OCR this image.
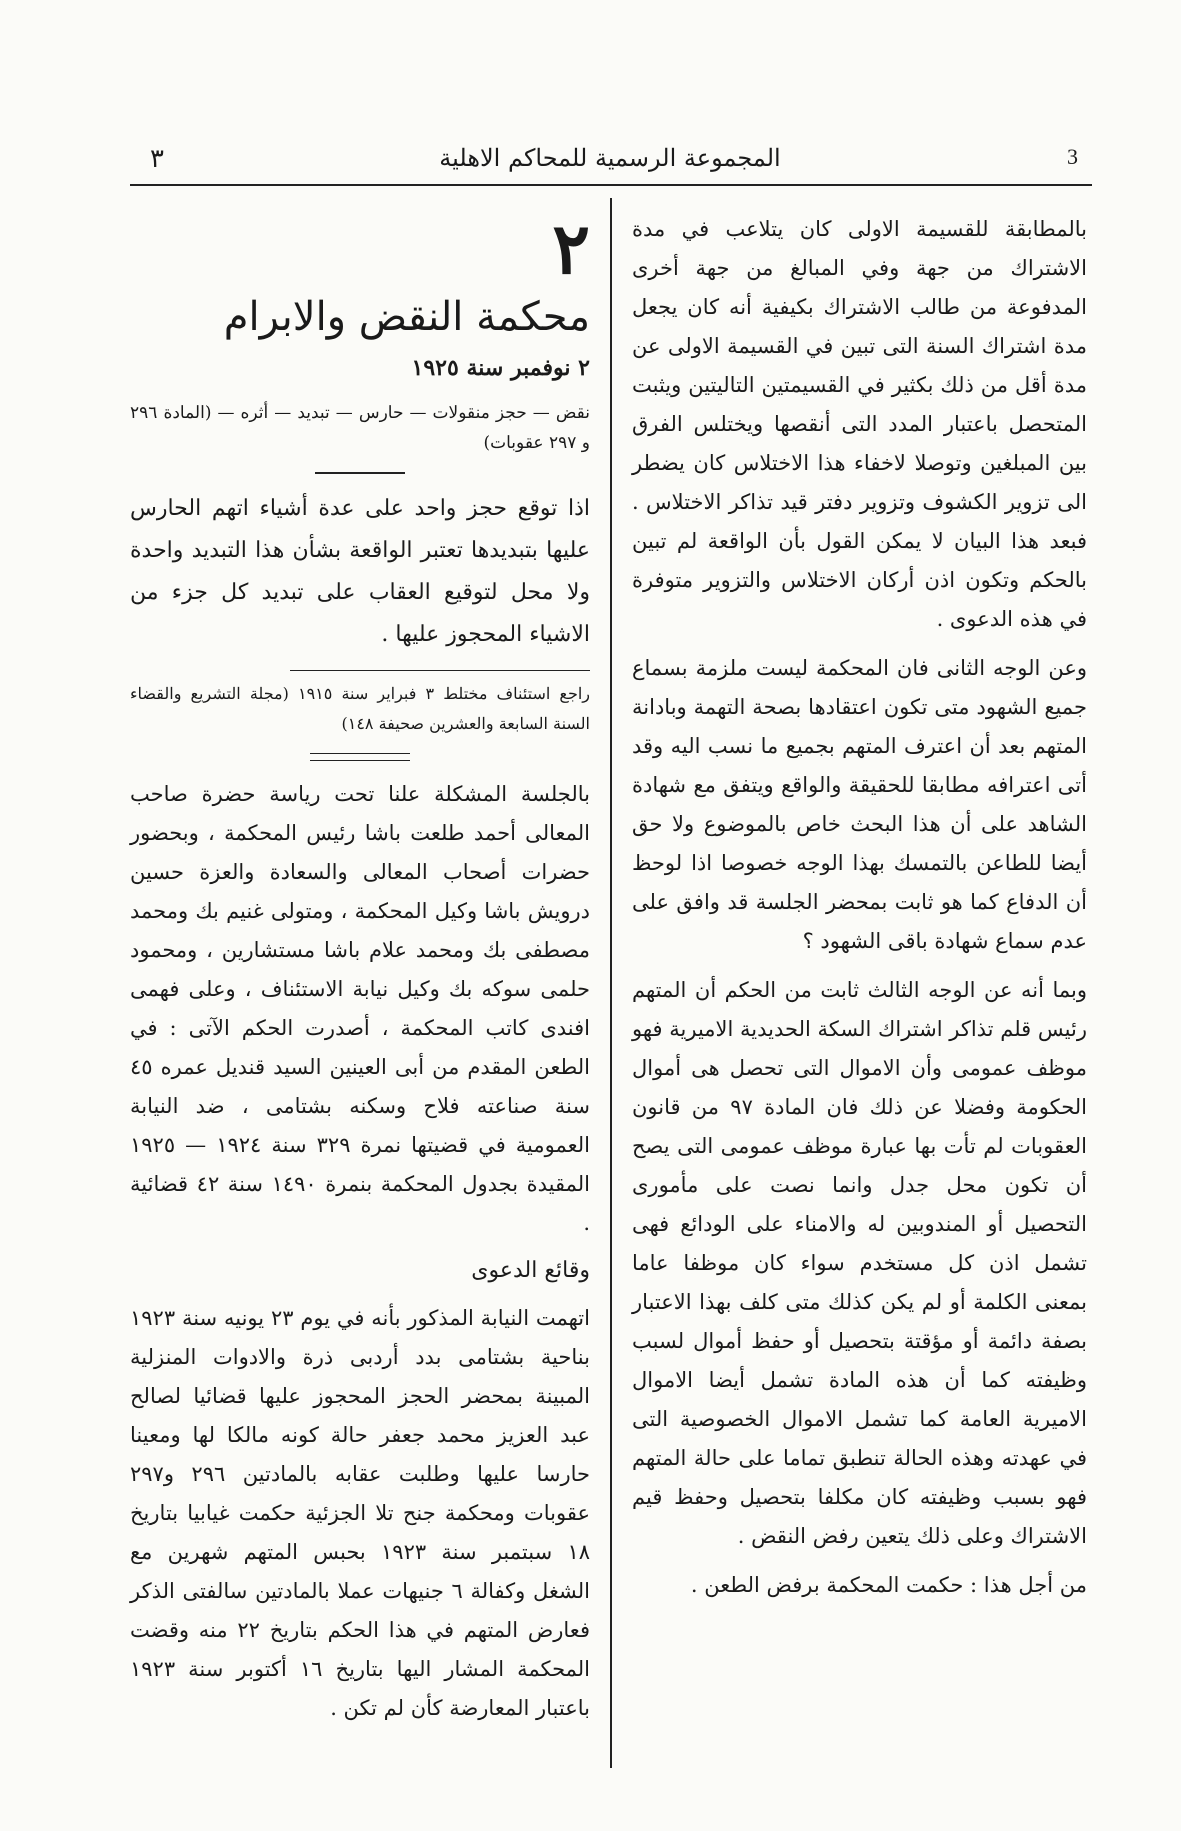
٣	المجموعة الرسمية للمحاكم الاهلية	3

٢

محكمة النقض والابرام

٢ نوفمبر سنة ١٩٢٥

نقض — حجز منقولات — حارس — تبديد — أثره — (المادة ٢٩٦ و ٢٩٧ عقوبات)

اذا توقع حجز واحد على عدة أشياء اتهم الحارس عليها بتبديدها تعتبر الواقعة بشأن هذا التبديد واحدة ولا محل لتوقيع العقاب على تبديد كل جزء من الاشياء المحجوز عليها .

راجع استئناف مختلط ٣ فبراير سنة ١٩١٥ (مجلة التشريع والقضاء السنة السابعة والعشرين صحيفة ١٤٨)

بالجلسة المشكلة علنا تحت رياسة حضرة صاحب المعالى أحمد طلعت باشا رئيس المحكمة ، وبحضور حضرات أصحاب المعالى والسعادة والعزة حسين درويش باشا وكيل المحكمة ، ومتولى غنيم بك ومحمد مصطفى بك ومحمد علام باشا مستشارين ، ومحمود حلمى سوكه بك وكيل نيابة الاستئناف ، وعلى فهمى افندى كاتب المحكمة ، أصدرت الحكم الآتى : في الطعن المقدم من أبى العينين السيد قنديل عمره ٤٥ سنة صناعته فلاح وسكنه بشتامى ، ضد النيابة العمومية في قضيتها نمرة ٣٢٩ سنة ١٩٢٤ — ١٩٢٥ المقيدة بجدول المحكمة بنمرة ١٤٩٠ سنة ٤٢ قضائية .

وقائع الدعوى

اتهمت النيابة المذكور بأنه في يوم ٢٣ يونيه سنة ١٩٢٣ بناحية بشتامى بدد أردبى ذرة والادوات المنزلية المبينة بمحضر الحجز المحجوز عليها قضائيا لصالح عبد العزيز محمد جعفر حالة كونه مالكا لها ومعينا حارسا عليها وطلبت عقابه بالمادتين ٢٩٦ و٢٩٧ عقوبات ومحكمة جنح تلا الجزئية حكمت غيابيا بتاريخ ١٨ سبتمبر سنة ١٩٢٣ بحبس المتهم شهرين مع الشغل وكفالة ٦ جنيهات عملا بالمادتين سالفتى الذكر فعارض المتهم في هذا الحكم بتاريخ ٢٢ منه وقضت المحكمة المشار اليها بتاريخ ١٦ أكتوبر سنة ١٩٢٣ باعتبار المعارضة كأن لم تكن .

بالمطابقة للقسيمة الاولى كان يتلاعب في مدة الاشتراك من جهة وفي المبالغ من جهة أخرى المدفوعة من طالب الاشتراك بكيفية أنه كان يجعل مدة اشتراك السنة التى تبين في القسيمة الاولى عن مدة أقل من ذلك بكثير في القسيمتين التاليتين ويثبت المتحصل باعتبار المدد التى أنقصها ويختلس الفرق بين المبلغين وتوصلا لاخفاء هذا الاختلاس كان يضطر الى تزوير الكشوف وتزوير دفتر قيد تذاكر الاختلاس . فبعد هذا البيان لا يمكن القول بأن الواقعة لم تبين بالحكم وتكون اذن أركان الاختلاس والتزوير متوفرة في هذه الدعوى .

وعن الوجه الثانى فان المحكمة ليست ملزمة بسماع جميع الشهود متى تكون اعتقادها بصحة التهمة وبادانة المتهم بعد أن اعترف المتهم بجميع ما نسب اليه وقد أتى اعترافه مطابقا للحقيقة والواقع ويتفق مع شهادة الشاهد على أن هذا البحث خاص بالموضوع ولا حق أيضا للطاعن بالتمسك بهذا الوجه خصوصا اذا لوحظ أن الدفاع كما هو ثابت بمحضر الجلسة قد وافق على عدم سماع شهادة باقى الشهود ؟

وبما أنه عن الوجه الثالث ثابت من الحكم أن المتهم رئيس قلم تذاكر اشتراك السكة الحديدية الاميرية فهو موظف عمومى وأن الاموال التى تحصل هى أموال الحكومة وفضلا عن ذلك فان المادة ٩٧ من قانون العقوبات لم تأت بها عبارة موظف عمومى التى يصح أن تكون محل جدل وانما نصت على مأمورى التحصيل أو المندوبين له والامناء على الودائع فهى تشمل اذن كل مستخدم سواء كان موظفا عاما بمعنى الكلمة أو لم يكن كذلك متى كلف بهذا الاعتبار بصفة دائمة أو مؤقتة بتحصيل أو حفظ أموال لسبب وظيفته كما أن هذه المادة تشمل أيضا الاموال الاميرية العامة كما تشمل الاموال الخصوصية التى في عهدته وهذه الحالة تنطبق تماما على حالة المتهم فهو بسبب وظيفته كان مكلفا بتحصيل وحفظ قيم الاشتراك وعلى ذلك يتعين رفض النقض .

من أجل هذا : حكمت المحكمة برفض الطعن .
